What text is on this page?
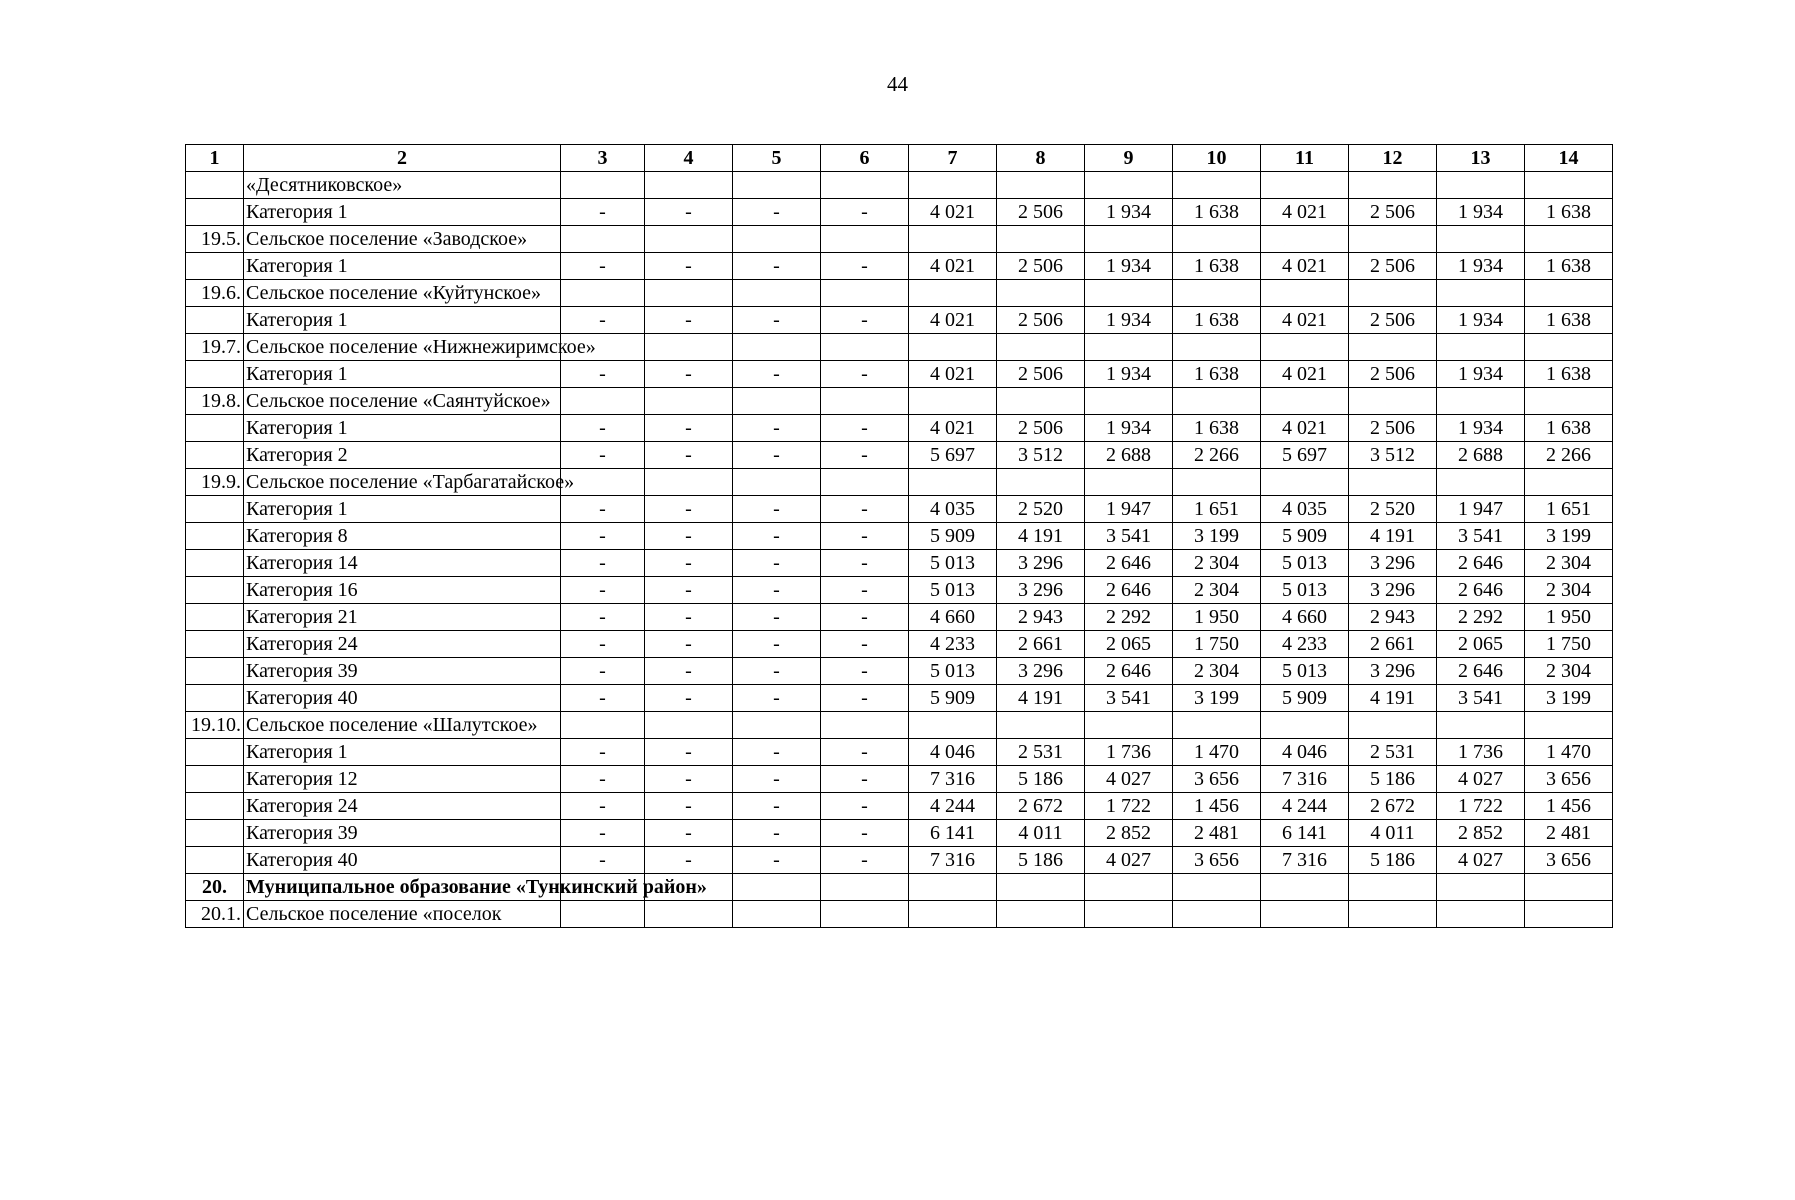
44
1	2	3	4	5	6	7	8	9	10	11	12	13	14
	«Десятниковское»												
	Категория 1	-	-	-	-	4 021	2 506	1 934	1 638	4 021	2 506	1 934	1 638
19.5.	Сельское поселение «Заводское»												
	Категория 1	-	-	-	-	4 021	2 506	1 934	1 638	4 021	2 506	1 934	1 638
19.6.	Сельское поселение «Куйтунское»												
	Категория 1	-	-	-	-	4 021	2 506	1 934	1 638	4 021	2 506	1 934	1 638
19.7.	Сельское поселение «Нижнежиримское»												
	Категория 1	-	-	-	-	4 021	2 506	1 934	1 638	4 021	2 506	1 934	1 638
19.8.	Сельское поселение «Саянтуйское»												
	Категория 1	-	-	-	-	4 021	2 506	1 934	1 638	4 021	2 506	1 934	1 638
	Категория 2	-	-	-	-	5 697	3 512	2 688	2 266	5 697	3 512	2 688	2 266
19.9.	Сельское поселение «Тарбагатайское»												
	Категория 1	-	-	-	-	4 035	2 520	1 947	1 651	4 035	2 520	1 947	1 651
	Категория 8	-	-	-	-	5 909	4 191	3 541	3 199	5 909	4 191	3 541	3 199
	Категория 14	-	-	-	-	5 013	3 296	2 646	2 304	5 013	3 296	2 646	2 304
	Категория 16	-	-	-	-	5 013	3 296	2 646	2 304	5 013	3 296	2 646	2 304
	Категория 21	-	-	-	-	4 660	2 943	2 292	1 950	4 660	2 943	2 292	1 950
	Категория 24	-	-	-	-	4 233	2 661	2 065	1 750	4 233	2 661	2 065	1 750
	Категория 39	-	-	-	-	5 013	3 296	2 646	2 304	5 013	3 296	2 646	2 304
	Категория 40	-	-	-	-	5 909	4 191	3 541	3 199	5 909	4 191	3 541	3 199
19.10.	Сельское поселение «Шалутское»												
	Категория 1	-	-	-	-	4 046	2 531	1 736	1 470	4 046	2 531	1 736	1 470
	Категория 12	-	-	-	-	7 316	5 186	4 027	3 656	7 316	5 186	4 027	3 656
	Категория 24	-	-	-	-	4 244	2 672	1 722	1 456	4 244	2 672	1 722	1 456
	Категория 39	-	-	-	-	6 141	4 011	2 852	2 481	6 141	4 011	2 852	2 481
	Категория 40	-	-	-	-	7 316	5 186	4 027	3 656	7 316	5 186	4 027	3 656
20.	Муниципальное образование «Тункинский район»												
20.1.	Сельское поселение «поселок												
